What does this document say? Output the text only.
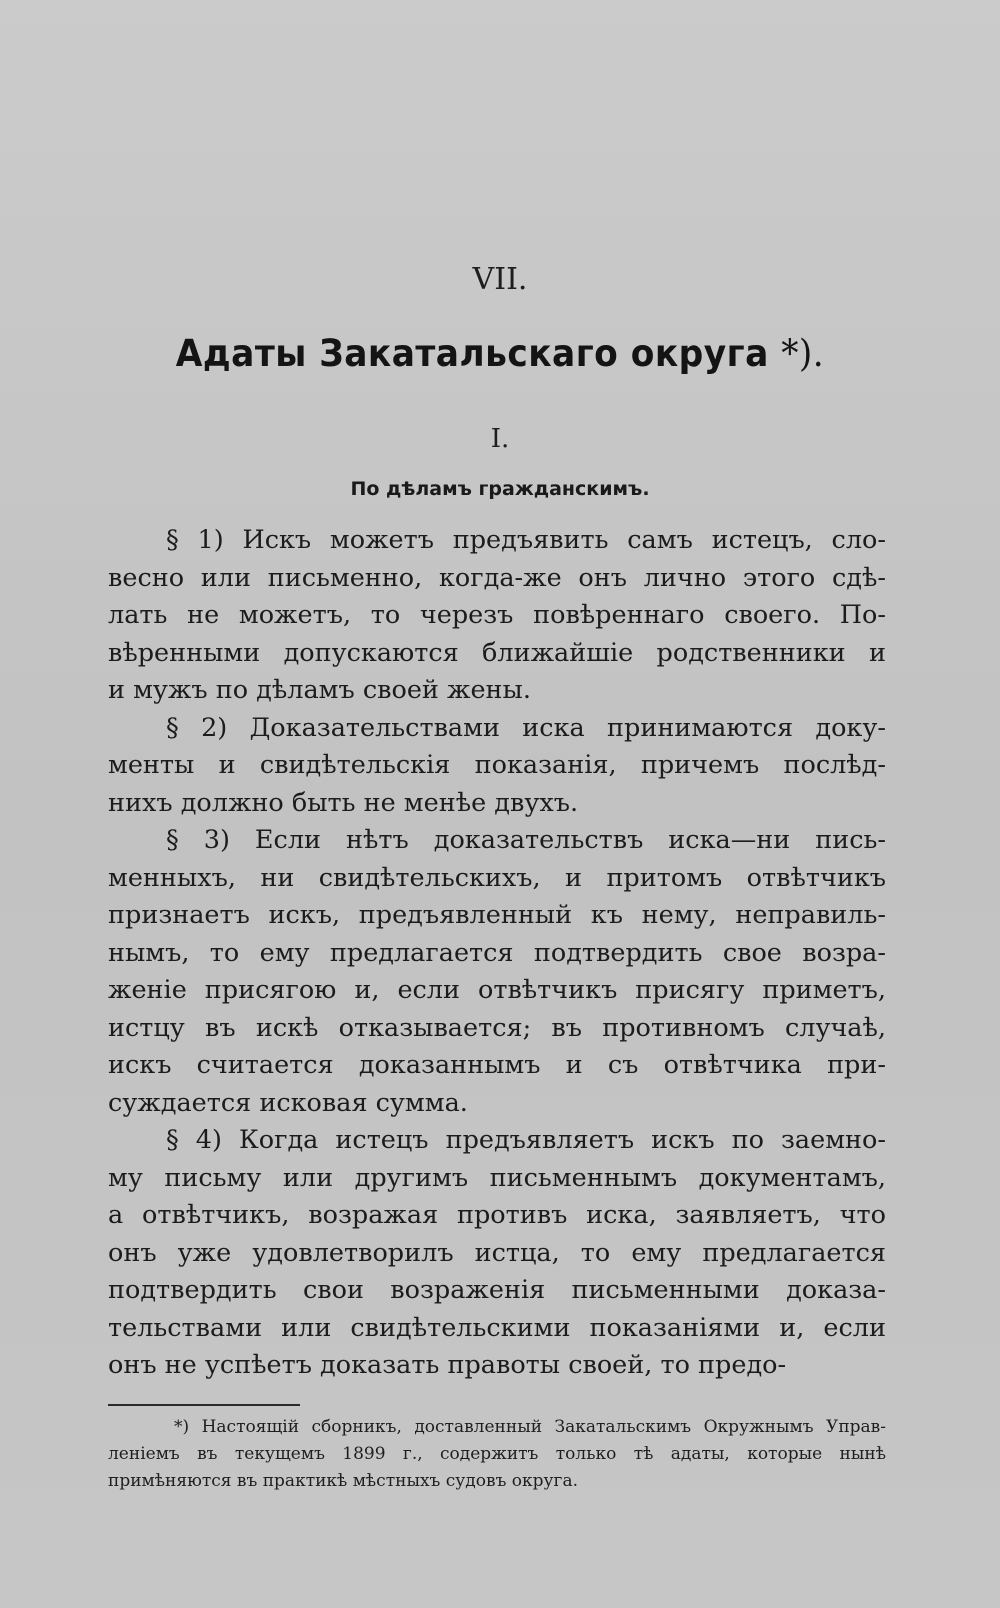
VII.
Адаты Закатальскаго округа *).
I.
По дѣламъ гражданскимъ.
§ 1) Искъ можетъ предъявить самъ истецъ, сло-
весно или письменно, когда-же онъ лично этого сдѣ-
лать не можетъ, то черезъ повѣреннаго своего. По-
вѣренными допускаются ближайшіе родственники и
и мужъ по дѣламъ своей жены.
§ 2) Доказательствами иска принимаются доку-
менты и свидѣтельскія показанія, причемъ послѣд-
нихъ должно быть не менѣе двухъ.
§ 3) Если нѣтъ доказательствъ иска—ни пись-
менныхъ, ни свидѣтельскихъ, и притомъ отвѣтчикъ
признаетъ искъ, предъявленный къ нему, неправиль-
нымъ, то ему предлагается подтвердить свое возра-
женіе присягою и, если отвѣтчикъ присягу приметъ,
истцу въ искѣ отказывается; въ противномъ случаѣ,
искъ считается доказаннымъ и съ отвѣтчика при-
суждается исковая сумма.
§ 4) Когда истецъ предъявляетъ искъ по заемно-
му письму или другимъ письменнымъ документамъ,
а отвѣтчикъ, возражая противъ иска, заявляетъ, что
онъ уже удовлетворилъ истца, то ему предлагается
подтвердить свои возраженія письменными доказа-
тельствами или свидѣтельскими показаніями и, если
онъ не успѣетъ доказать правоты своей, то предо-
*) Настоящій сборникъ, доставленный Закатальскимъ Окружнымъ Управ-
леніемъ въ текущемъ 1899 г., содержитъ только тѣ адаты, которые нынѣ
примѣняются въ практикѣ мѣстныхъ судовъ округа.
